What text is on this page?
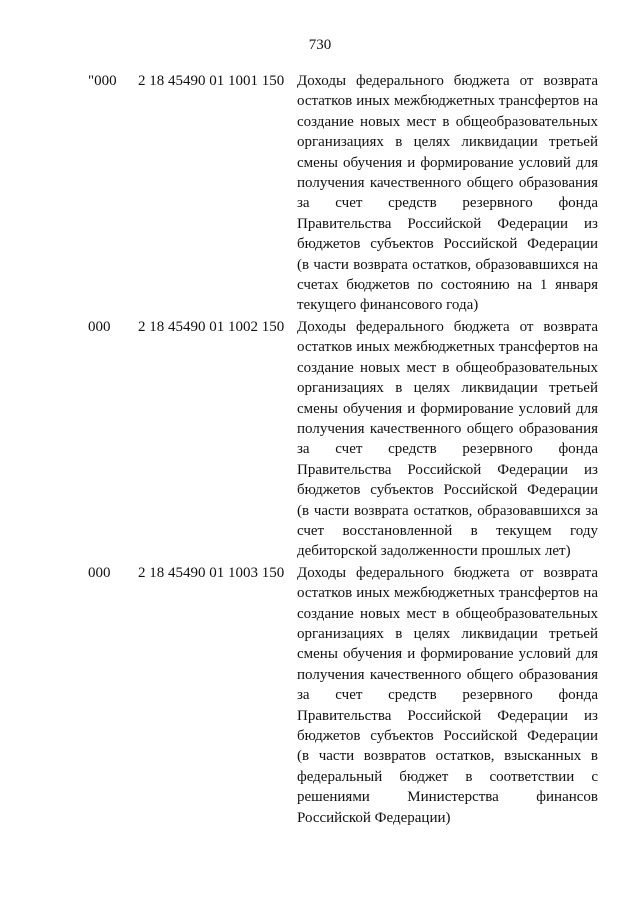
730
"000 2 18 45490 01 1001 150 Доходы федерального бюджета от возврата
остатков иных межбюджетных трансфертов на
создание новых мест в общеобразовательных
организациях в целях ликвидации третьей
смены обучения и формирование условий для
получения качественного общего образования
за счет средств резервного фонда
Правительства Российской Федерации из
бюджетов субъектов Российской Федерации
(в части возврата остатков, образовавшихся на
счетах бюджетов по состоянию на 1 января
текущего финансового года)
000 2 18 45490 01 1002 150 Доходы федерального бюджета от возврата
остатков иных межбюджетных трансфертов на
создание новых мест в общеобразовательных
организациях в целях ликвидации третьей
смены обучения и формирование условий для
получения качественного общего образования
за счет средств резервного фонда
Правительства Российской Федерации из
бюджетов субъектов Российской Федерации
(в части возврата остатков, образовавшихся за
счет восстановленной в текущем году
дебиторской задолженности прошлых лет)
000 2 18 45490 01 1003 150 Доходы федерального бюджета от возврата
остатков иных межбюджетных трансфертов на
создание новых мест в общеобразовательных
организациях в целях ликвидации третьей
смены обучения и формирование условий для
получения качественного общего образования
за счет средств резервного фонда
Правительства Российской Федерации из
бюджетов субъектов Российской Федерации
(в части возвратов остатков, взысканных в
федеральный бюджет в соответствии с
решениями Министерства финансов
Российской Федерации)
